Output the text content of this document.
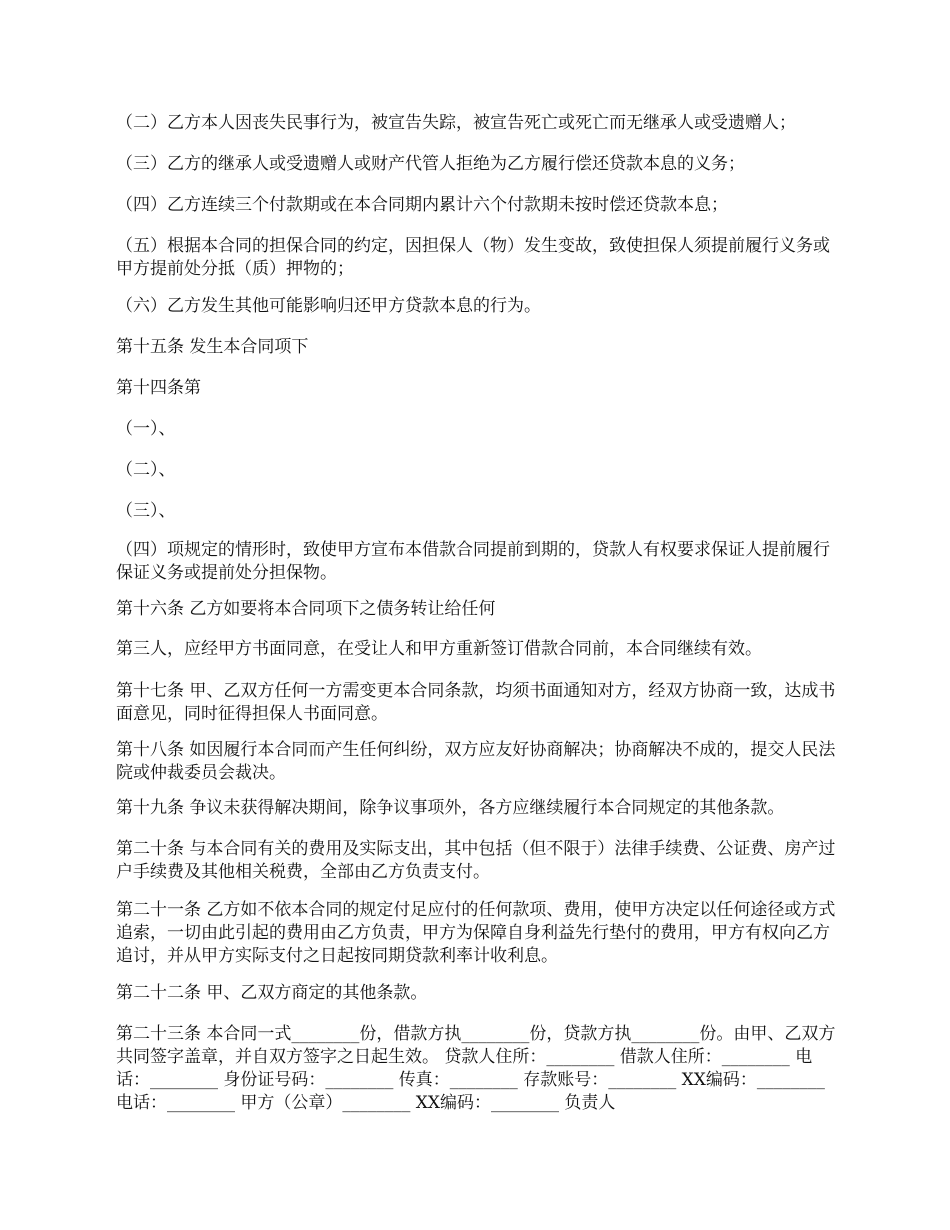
（二）乙方本人因丧失民事行为，被宣告失踪，被宣告死亡或死亡而无继承人或受遗赠人；

（三）乙方的继承人或受遗赠人或财产代管人拒绝为乙方履行偿还贷款本息的义务；

（四）乙方连续三个付款期或在本合同期内累计六个付款期未按时偿还贷款本息；

（五）根据本合同的担保合同的约定，因担保人（物）发生变故，致使担保人须提前履行义务或甲方提前处分抵（质）押物的；

（六）乙方发生其他可能影响归还甲方贷款本息的行为。

第十五条 发生本合同项下

第十四条第

（一）、

（二）、

（三）、

（四）项规定的情形时，致使甲方宣布本借款合同提前到期的，贷款人有权要求保证人提前履行保证义务或提前处分担保物。

第十六条 乙方如要将本合同项下之债务转让给任何

第三人，应经甲方书面同意，在受让人和甲方重新签订借款合同前，本合同继续有效。

第十七条 甲、乙双方任何一方需变更本合同条款，均须书面通知对方，经双方协商一致，达成书面意见，同时征得担保人书面同意。

第十八条 如因履行本合同而产生任何纠纷，双方应友好协商解决；协商解决不成的，提交人民法院或仲裁委员会裁决。

第十九条 争议未获得解决期间，除争议事项外，各方应继续履行本合同规定的其他条款。

第二十条 与本合同有关的费用及实际支出，其中包括（但不限于）法律手续费、公证费、房产过户手续费及其他相关税费，全部由乙方负责支付。

第二十一条 乙方如不依本合同的规定付足应付的任何款项、费用，使甲方决定以任何途径或方式追索，一切由此引起的费用由乙方负责，甲方为保障自身利益先行垫付的费用，甲方有权向乙方追讨，并从甲方实际支付之日起按同期贷款利率计收利息。

第二十二条 甲、乙双方商定的其他条款。

第二十三条 本合同一式________份，借款方执________份，贷款方执________份。由甲、乙双方共同签字盖章，并自双方签字之日起生效。 贷款人住所：________ 借款人住所：________ 电话：________ 身份证号码：________ 传真：________ 存款账号：________ XX编码：________ 电话：________ 甲方（公章）________ XX编码：________ 负责人
